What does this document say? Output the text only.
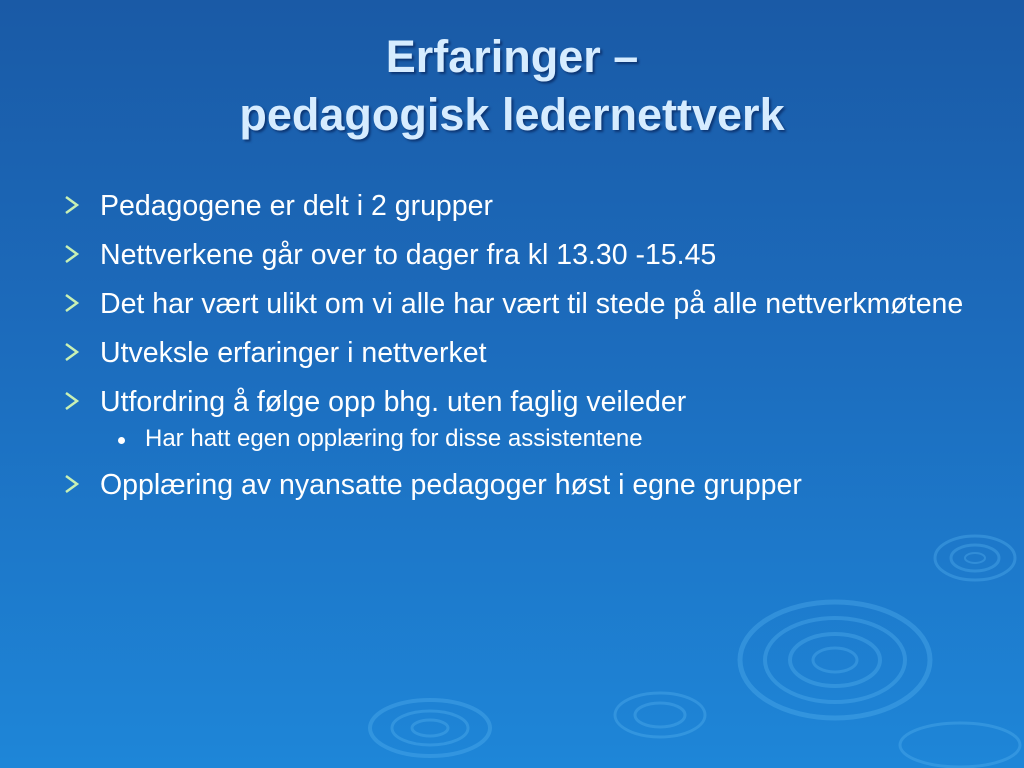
Erfaringer –
pedagogisk ledernettverk
Pedagogene er delt i 2 grupper
Nettverkene går over to dager fra kl 13.30 -15.45
Det har vært ulikt om vi alle har vært til stede på alle nettverkmøtene
Utveksle erfaringer i nettverket
Utfordring å følge opp bhg. uten faglig veileder
Har hatt egen opplæring for disse assistentene
Opplæring av nyansatte pedagoger høst i egne grupper
